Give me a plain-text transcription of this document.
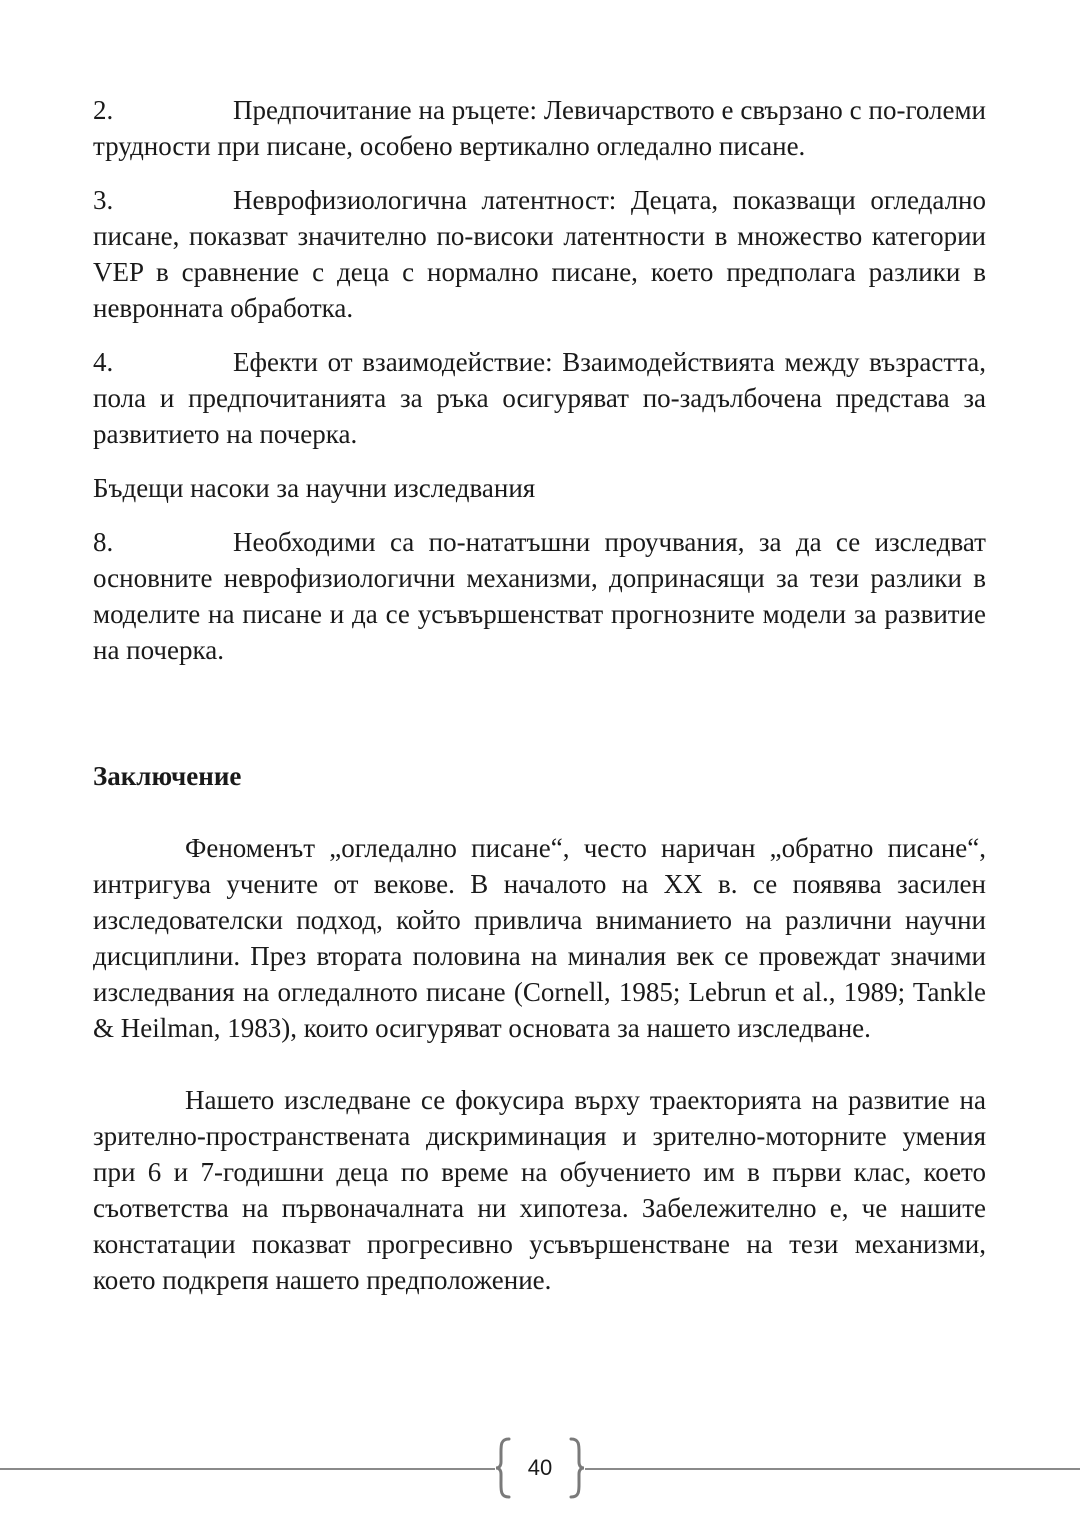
2.	Предпочитание на ръцете: Левичарството е свързано с по-големи трудности при писане, особено вертикално огледално писане.

3.	Неврофизиологична латентност: Децата, показващи огледално писане, показват значително по-високи латентности в множество категории VEP в сравнение с деца с нормално писане, което предполага разлики в невронната обработка.

4.	Ефекти от взаимодействие: Взаимодействията между възрастта, пола и предпочитанията за ръка осигуряват по-задълбочена представа за развитието на почерка.

Бъдещи насоки за научни изследвания

8.	Необходими са по-нататъшни проучвания, за да се изследват основните неврофизиологични механизми, допринасящи за тези разлики в моделите на писане и да се усъвършенстват прогнозните модели за развитие на почерка.

Заключение

Феноменът „огледално писане“, често наричан „обратно писане“, интригува учените от векове. В началото на XX в. се появява засилен изследователски подход, който привлича вниманието на различни научни дисциплини. През втората половина на миналия век се провеждат значими изследвания на огледалното писане (Cornell, 1985; Lebrun et al., 1989; Tankle & Heilman, 1983), които осигуряват основата за нашето изследване.

Нашето изследване се фокусира върху траекторията на развитие на зрително-пространствената дискриминация и зрително-моторните умения при 6 и 7-годишни деца по време на обучението им в първи клас, което съответства на първоначалната ни хипотеза. Забележително е, че нашите констатации показват прогресивно усъвършенстване на тези механизми, което подкрепя нашето предположение.

40
